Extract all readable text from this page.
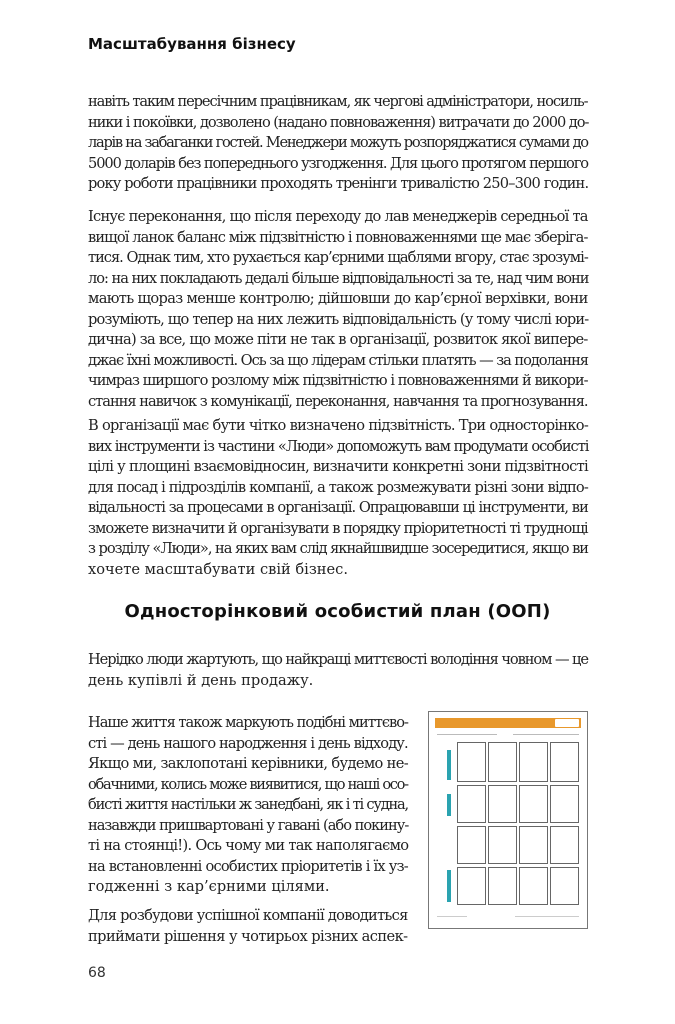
Масштабування бізнесу
навіть таким пересічним працівникам, як чергові адміністратори, носиль-
ники і покоївки, дозволено (надано повноваження) витрачати до 2000 до-
ларів на забаганки гостей. Менеджери можуть розпоряджатися сумами до
5000 доларів без попереднього узгодження. Для цього протягом першого
року роботи працівники проходять тренінги тривалістю 250–300 годин.
Існує переконання, що після переходу до лав менеджерів середньої та
вищої ланок баланс між підзвітністю і повноваженнями ще має зберіга-
тися. Однак тим, хто рухається кар’єрними щаблями вгору, стає зрозумі-
ло: на них покладають дедалі більше відповідальності за те, над чим вони
мають щораз менше контролю; дійшовши до кар’єрної верхівки, вони
розуміють, що тепер на них лежить відповідальність (у тому числі юри-
дична) за все, що може піти не так в організації, розвиток якої випере-
джає їхні можливості. Ось за що лідерам стільки платять — за подолання
чимраз ширшого розлому між підзвітністю і повноваженнями й викори-
стання навичок з комунікації, переконання, навчання та прогнозування.
В організації має бути чітко визначено підзвітність. Три односторінко-
вих інструменти із частини «Люди» допоможуть вам продумати особисті
цілі у площині взаємовідносин, визначити конкретні зони підзвітності
для посад і підрозділів компанії, а також розмежувати різні зони відпо-
відальності за процесами в організації. Опрацювавши ці інструменти, ви
зможете визначити й організувати в порядку пріоритетності ті труднощі
з розділу «Люди», на яких вам слід якнайшвидше зосередитися, якщо ви
хочете масштабувати свій бізнес.
Односторінковий особистий план (ООП)
Нерідко люди жартують, що найкращі миттєвості володіння човном — це
день купівлі й день продажу.
Наше життя також маркують подібні миттєво-
сті — день нашого народження і день відходу.
Якщо ми, заклопотані керівники, будемо не-
обачними, колись може виявитися, що наші осо-
бисті життя настільки ж занедбані, як і ті судна,
назавжди пришвартовані у гавані (або покину-
ті на стоянці!). Ось чому ми так наполягаємо
на встановленні особистих пріоритетів і їх уз-
годженні з кар’єрними цілями.
Для розбудови успішної компанії доводиться
приймати рішення у чотирьох різних аспек-
68
